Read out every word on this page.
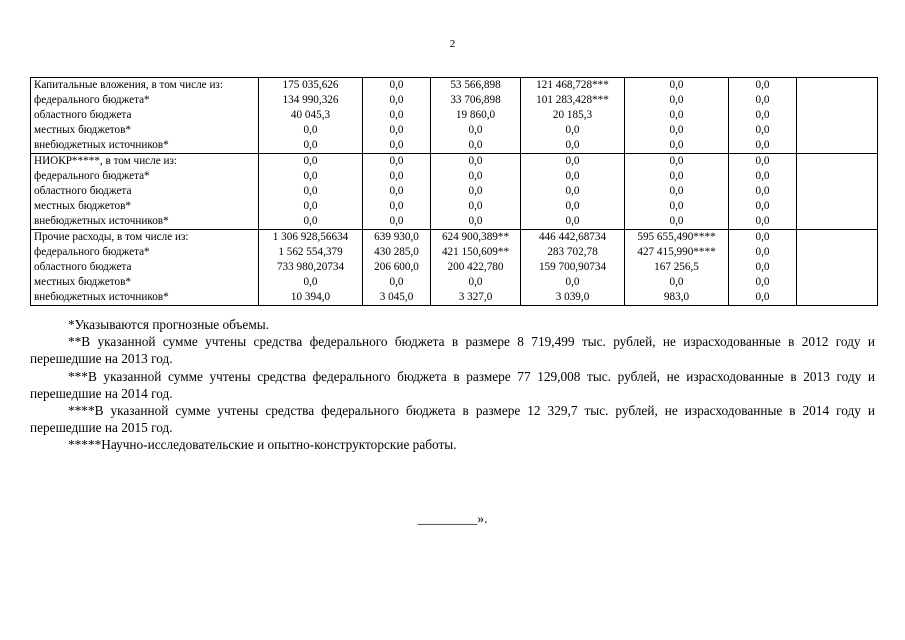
2
Капитальные вложения, в том числе из:	175 035,626	0,0	53 566,898	121 468,728***	0,0	0,0	
федерального бюджета*	134 990,326	0,0	33 706,898	101 283,428***	0,0	0,0	
областного бюджета	40 045,3	0,0	19 860,0	20 185,3	0,0	0,0	
местных бюджетов*	0,0	0,0	0,0	0,0	0,0	0,0	
внебюджетных источников*	0,0	0,0	0,0	0,0	0,0	0,0	
НИОКР*****, в том числе из:	0,0	0,0	0,0	0,0	0,0	0,0	
федерального бюджета*	0,0	0,0	0,0	0,0	0,0	0,0	
областного бюджета	0,0	0,0	0,0	0,0	0,0	0,0	
местных бюджетов*	0,0	0,0	0,0	0,0	0,0	0,0	
внебюджетных источников*	0,0	0,0	0,0	0,0	0,0	0,0	
Прочие расходы, в том числе из:	1 306 928,56634	639 930,0	624 900,389**	446 442,68734	595 655,490****	0,0	
федерального бюджета*	1 562 554,379	430 285,0	421 150,609**	283 702,78	427 415,990****	0,0	
областного бюджета	733 980,20734	206 600,0	200 422,780	159 700,90734	167 256,5	0,0	
местных бюджетов*	0,0	0,0	0,0	0,0	0,0	0,0	
внебюджетных источников*	10 394,0	3 045,0	3 327,0	3 039,0	983,0	0,0	

*Указываются прогнозные объемы.

**В указанной сумме учтены средства федерального бюджета в размере 8 719,499 тыс. рублей, не израсходованные в 2012 году и перешедшие на 2013 год.

***В указанной сумме учтены средства федерального бюджета в размере 77 129,008 тыс. рублей, не израсходованные в 2013 году и перешедшие на 2014 год.

****В указанной сумме учтены средства федерального бюджета в размере 12 329,7 тыс. рублей, не израсходованные в 2014 году и перешедшие на 2015 год.

*****Научно-исследовательские и опытно-конструкторские работы.

_________».
